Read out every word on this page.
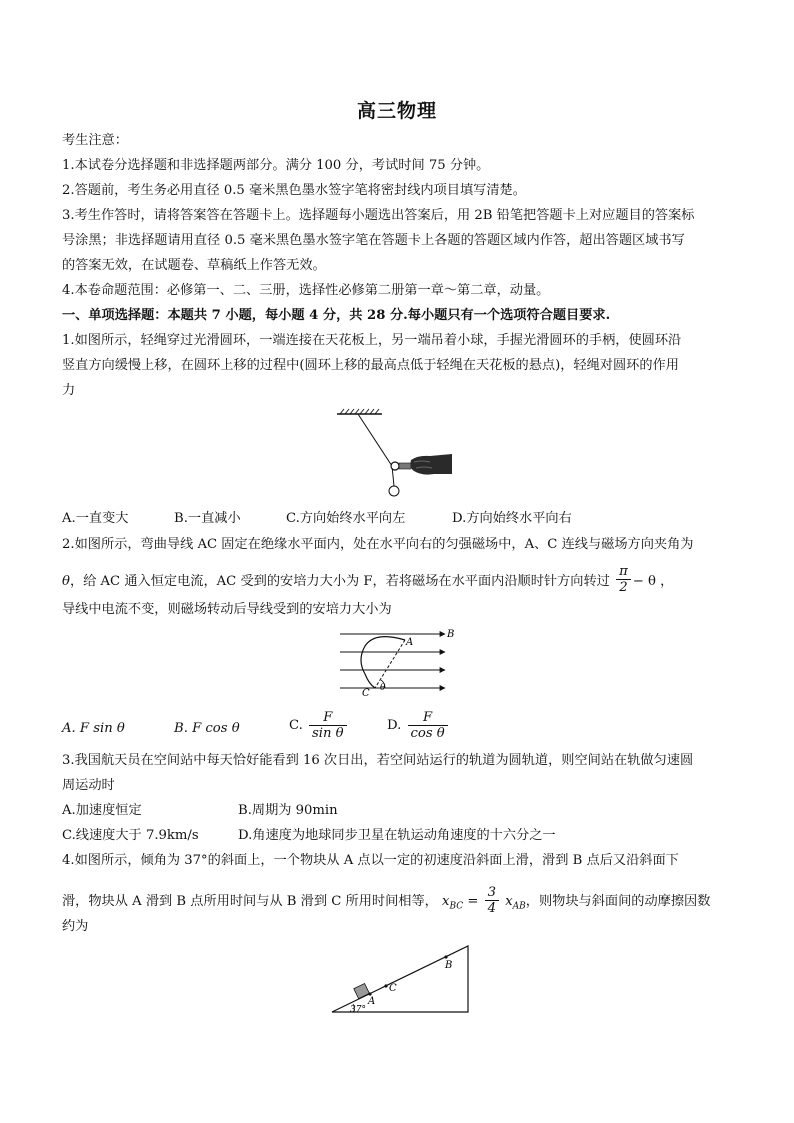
高三物理
考生注意：
1.本试卷分选择题和非选择题两部分。满分 100 分，考试时间 75 分钟。
2.答题前，考生务必用直径 0.5 毫米黑色墨水签字笔将密封线内项目填写清楚。
3.考生作答时，请将答案答在答题卡上。选择题每小题选出答案后，用 2B 铅笔把答题卡上对应题目的答案标
号涂黑；非选择题请用直径 0.5 毫米黑色墨水签字笔在答题卡上各题的答题区域内作答，超出答题区域书写
的答案无效，在试题卷、草稿纸上作答无效。
4.本卷命题范围：必修第一、二、三册，选择性必修第二册第一章～第二章，动量。
一、单项选择题：本题共 7 小题，每小题 4 分，共 28 分.每小题只有一个选项符合题目要求.
1.如图所示，轻绳穿过光滑圆环，一端连接在天花板上，另一端吊着小球，手握光滑圆环的手柄，使圆环沿
竖直方向缓慢上移，在圆环上移的过程中(圆环上移的最高点低于轻绳在天花板的悬点)，轻绳对圆环的作用
力
A.一直变大	B.一直减小	C.方向始终水平向左	D.方向始终水平向右
2.如图所示，弯曲导线 AC 固定在绝缘水平面内，处在水平向右的匀强磁场中，A、C 连线与磁场方向夹角为
θ，给 AC 通入恒定电流，AC 受到的安培力大小为 F，若将磁场在水平面内沿顺时针方向转过 $\frac{\pi}{2} - \theta$ ，
导线中电流不变，则磁场转动后导线受到的安培力大小为
B
A
C θ
A. F sin θ	B. F cos θ	C. $\frac{F}{\text{sin θ}}$	D. $\frac{F}{\text{cos θ}}$
3.我国航天员在空间站中每天恰好能看到 16 次日出，若空间站运行的轨道为圆轨道，则空间站在轨做匀速圆
周运动时
A.加速度恒定	B.周期为 90min
C.线速度大于 7.9km/s	D.角速度为地球同步卫星在轨运动角速度的十六分之一
4.如图所示，倾角为 37°的斜面上，一个物块从 A 点以一定的初速度沿斜面上滑，滑到 B 点后又沿斜面下
滑，物块从 A 滑到 B 点所用时间与从 B 滑到 C 所用时间相等， $x_{BC} = \frac{3}{4} x_{AB}$，则物块与斜面间的动摩擦因数
约为
A
C
B
37°
